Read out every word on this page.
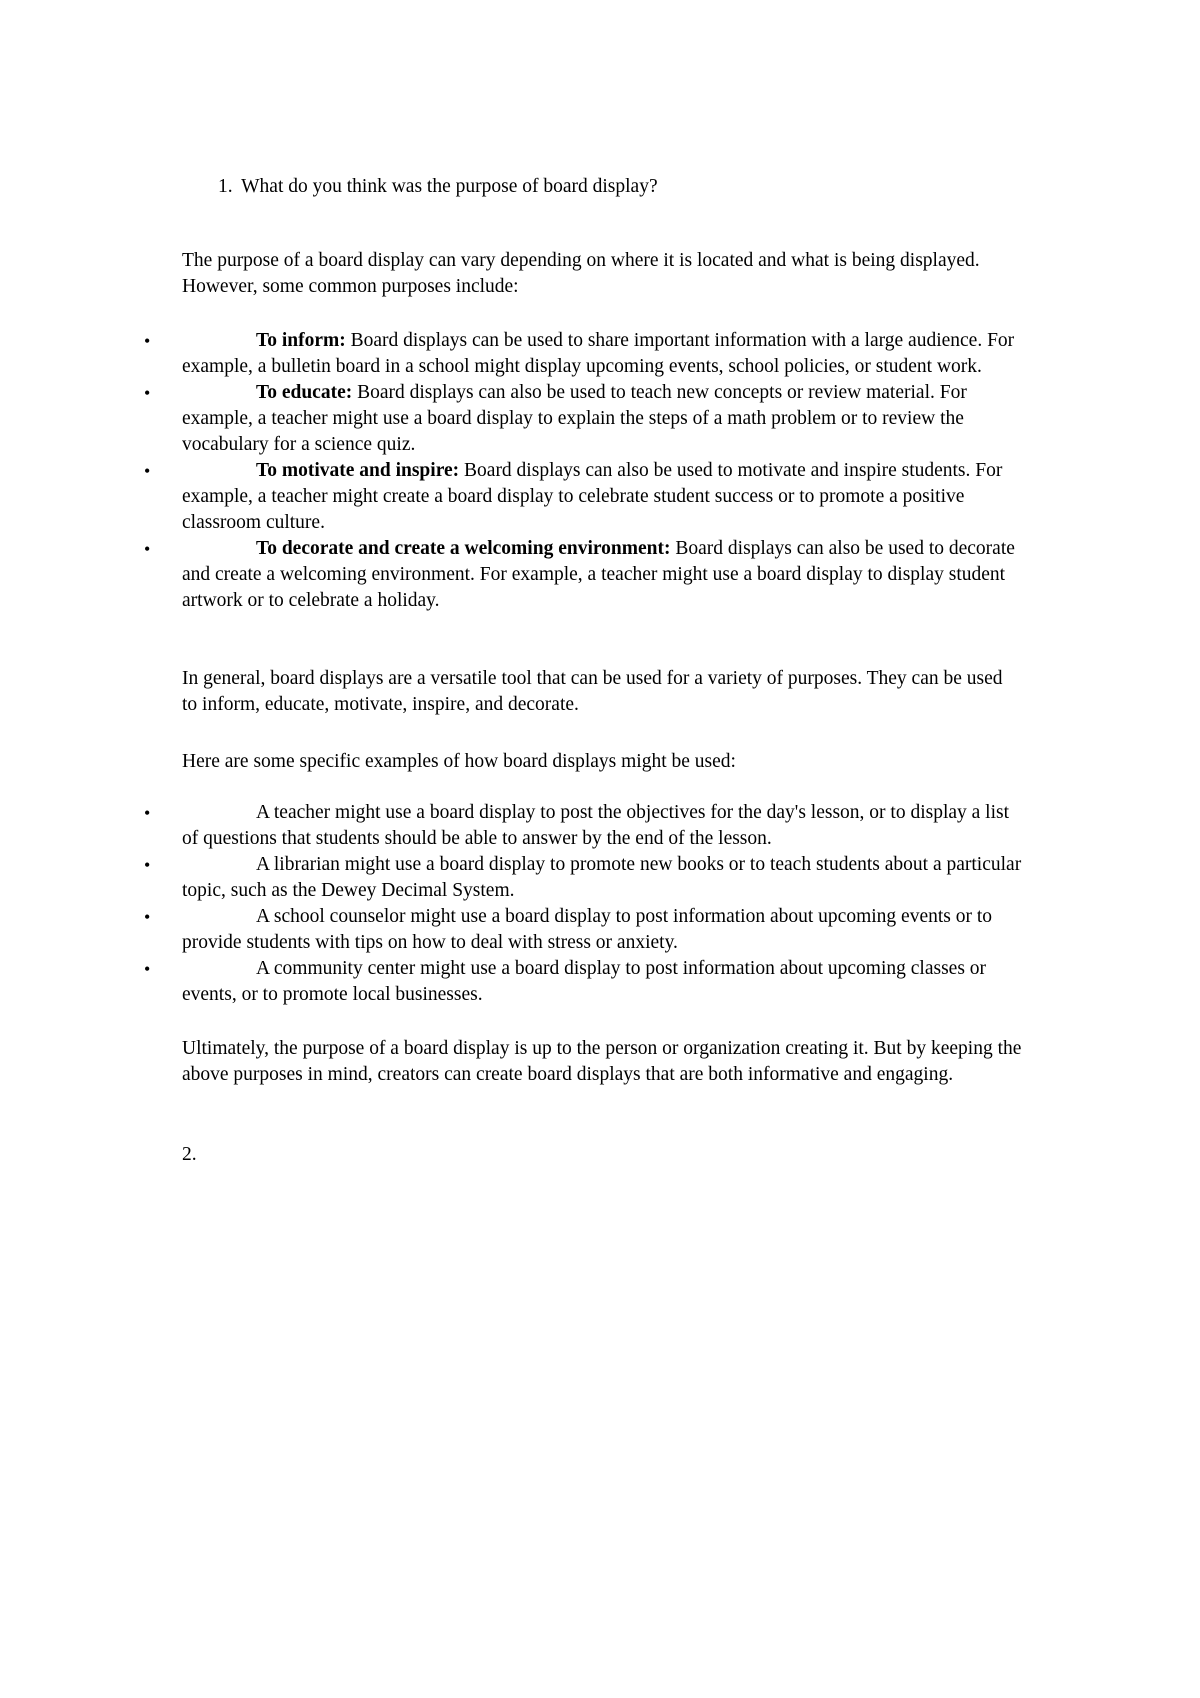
1. What do you think was the purpose of board display?

The purpose of a board display can vary depending on where it is located and what is being displayed. However, some common purposes include:

•	To inform: Board displays can be used to share important information with a large audience. For example, a bulletin board in a school might display upcoming events, school policies, or student work.
•	To educate: Board displays can also be used to teach new concepts or review material. For example, a teacher might use a board display to explain the steps of a math problem or to review the vocabulary for a science quiz.
•	To motivate and inspire: Board displays can also be used to motivate and inspire students. For example, a teacher might create a board display to celebrate student success or to promote a positive classroom culture.
•	To decorate and create a welcoming environment: Board displays can also be used to decorate and create a welcoming environment. For example, a teacher might use a board display to display student artwork or to celebrate a holiday.

In general, board displays are a versatile tool that can be used for a variety of purposes. They can be used to inform, educate, motivate, inspire, and decorate.

Here are some specific examples of how board displays might be used:

•	A teacher might use a board display to post the objectives for the day's lesson, or to display a list of questions that students should be able to answer by the end of the lesson.
•	A librarian might use a board display to promote new books or to teach students about a particular topic, such as the Dewey Decimal System.
•	A school counselor might use a board display to post information about upcoming events or to provide students with tips on how to deal with stress or anxiety.
•	A community center might use a board display to post information about upcoming classes or events, or to promote local businesses.

Ultimately, the purpose of a board display is up to the person or organization creating it. But by keeping the above purposes in mind, creators can create board displays that are both informative and engaging.

2.
